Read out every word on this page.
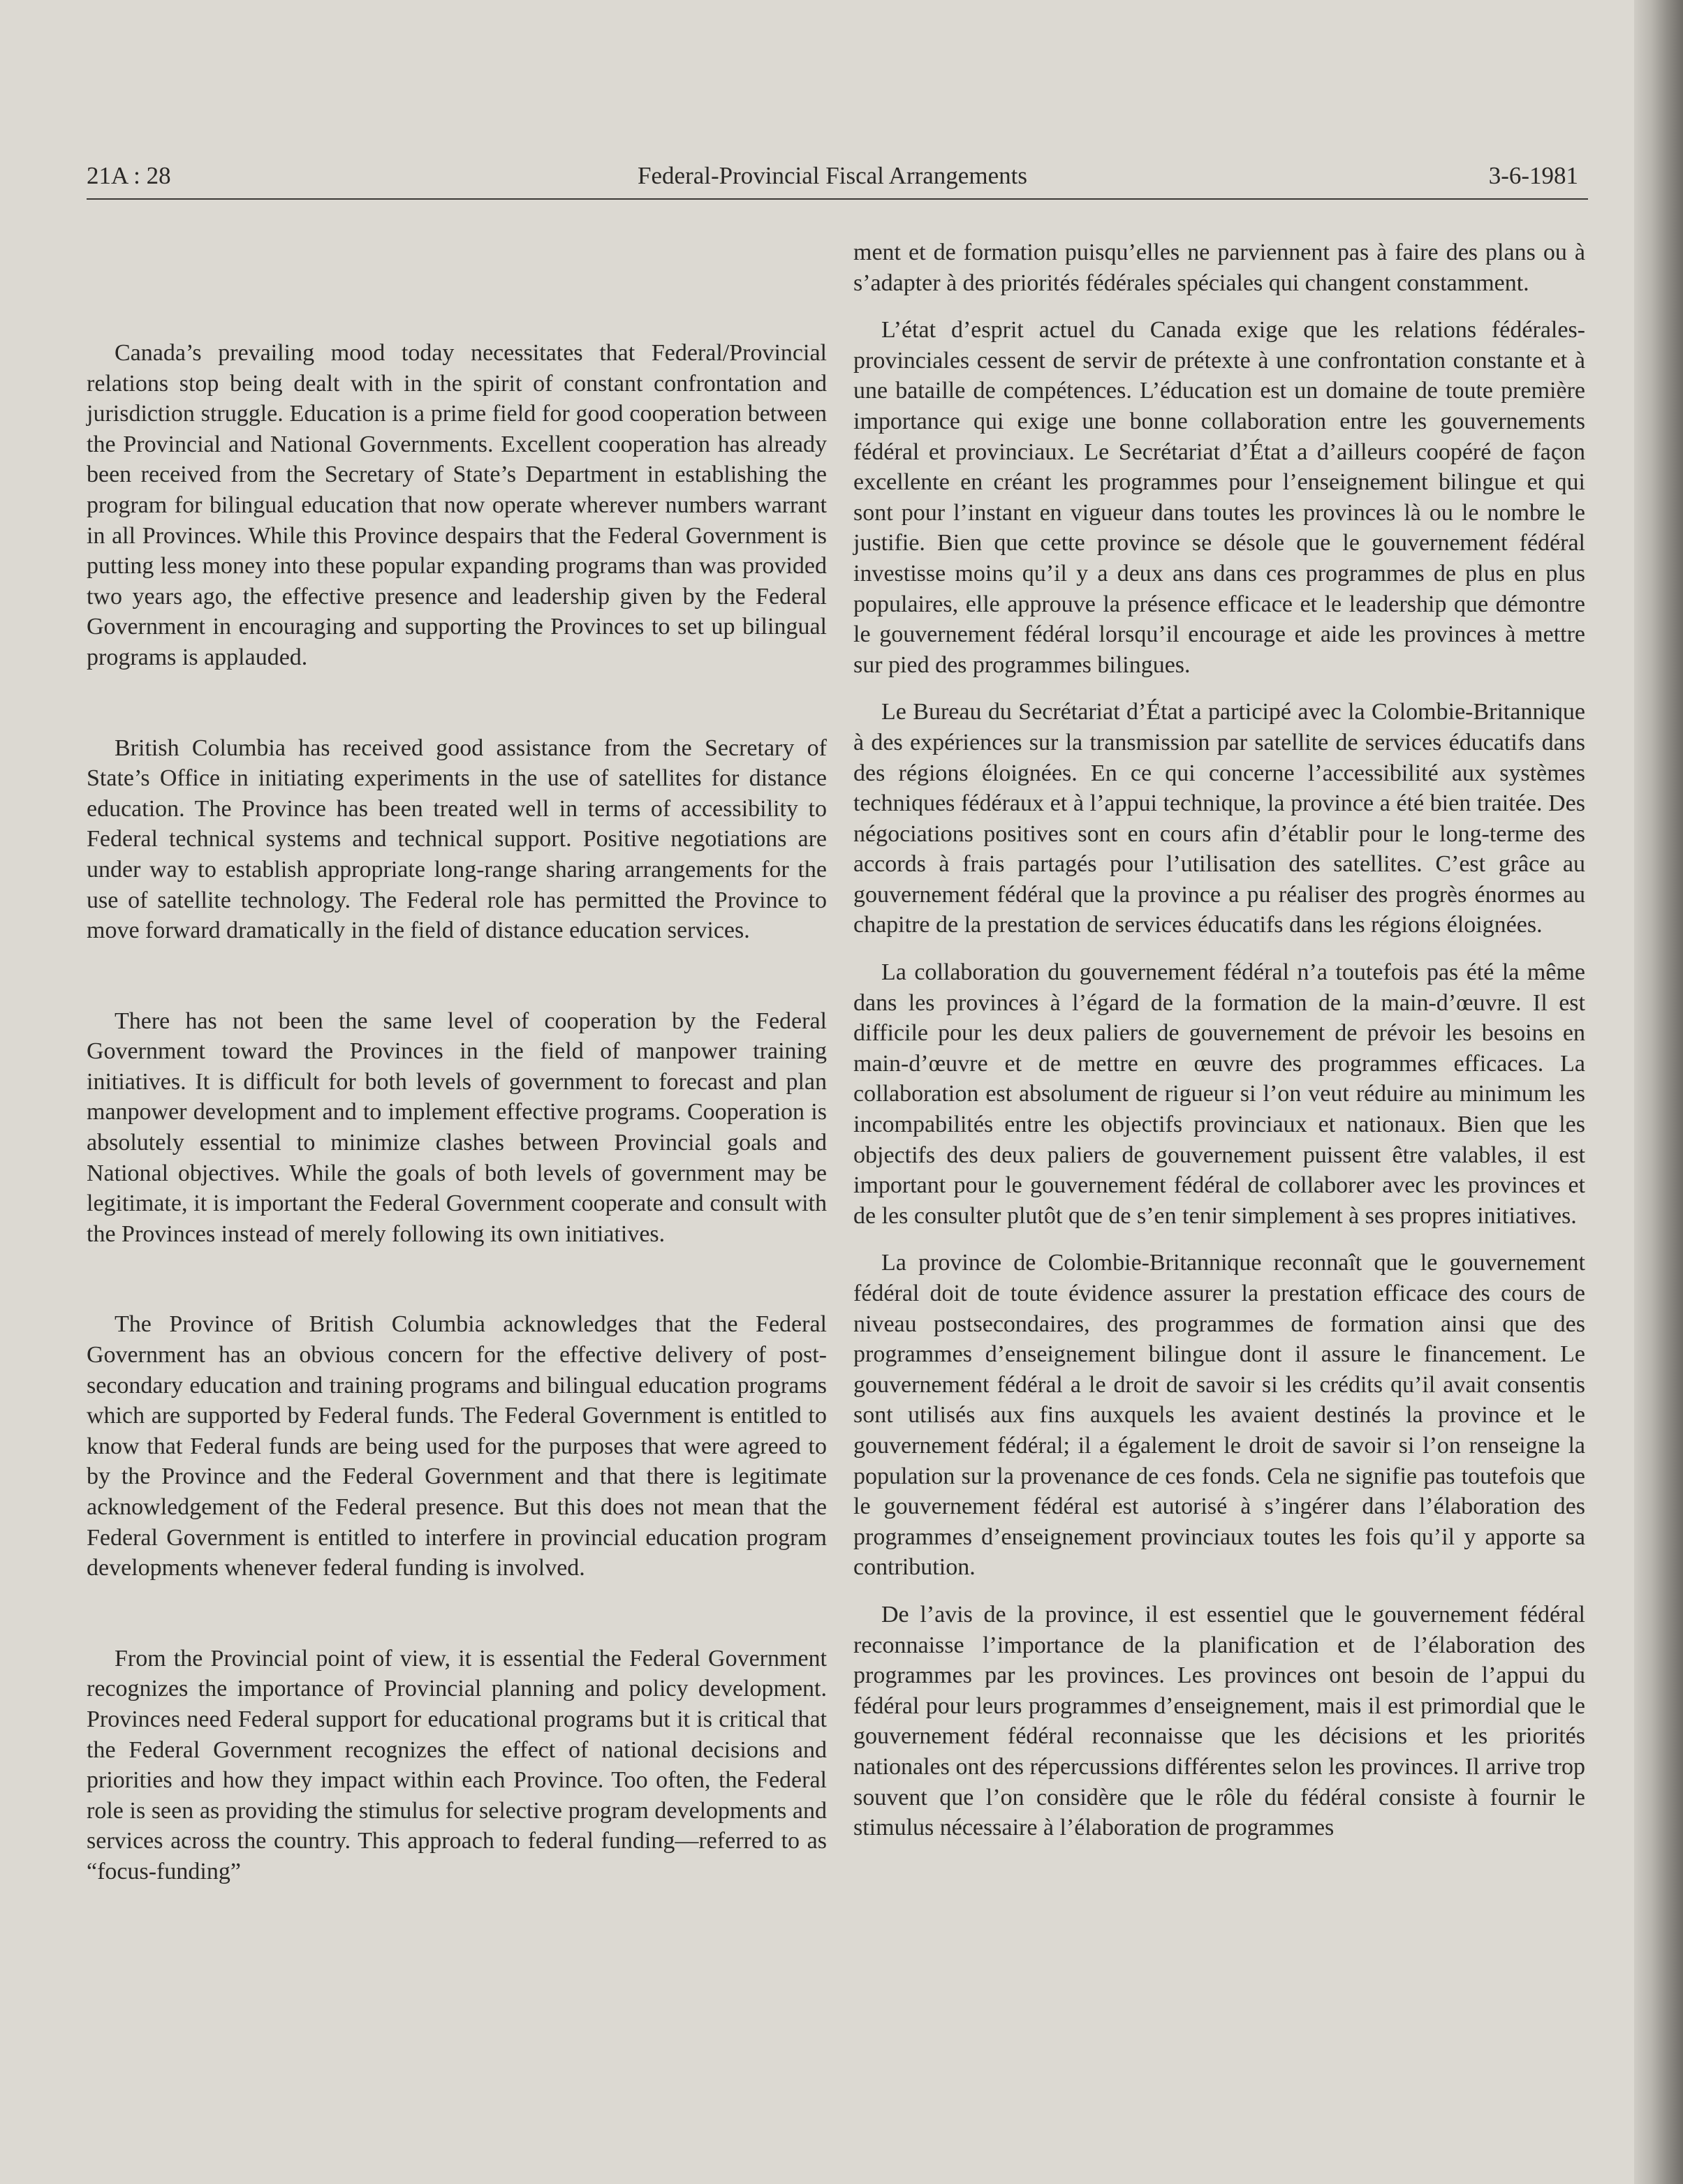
21A : 28	Federal-Provincial Fiscal Arrangements	3-6-1981

Canada’s prevailing mood today necessitates that Federal/Provincial relations stop being dealt with in the spirit of constant confrontation and jurisdiction struggle. Education is a prime field for good cooperation between the Provincial and National Governments. Excellent cooperation has already been received from the Secretary of State’s Department in establishing the program for bilingual education that now operate wherever numbers warrant in all Provinces. While this Province despairs that the Federal Government is putting less money into these popular expanding programs than was provided two years ago, the effective presence and leadership given by the Federal Government in encouraging and supporting the Provinces to set up bilingual programs is applauded.

British Columbia has received good assistance from the Secretary of State’s Office in initiating experiments in the use of satellites for distance education. The Province has been treated well in terms of accessibility to Federal technical systems and technical support. Positive negotiations are under way to establish appropriate long-range sharing arrangements for the use of satellite technology. The Federal role has permitted the Province to move forward dramatically in the field of distance education services.

There has not been the same level of cooperation by the Federal Government toward the Provinces in the field of manpower training initiatives. It is difficult for both levels of government to forecast and plan manpower development and to implement effective programs. Cooperation is absolutely essential to minimize clashes between Provincial goals and National objectives. While the goals of both levels of government may be legitimate, it is important the Federal Government cooperate and consult with the Provinces instead of merely following its own initiatives.

The Province of British Columbia acknowledges that the Federal Government has an obvious concern for the effective delivery of post-secondary education and training programs and bilingual education programs which are supported by Federal funds. The Federal Government is entitled to know that Federal funds are being used for the purposes that were agreed to by the Province and the Federal Government and that there is legitimate acknowledgement of the Federal presence. But this does not mean that the Federal Government is entitled to interfere in provincial education program developments whenever federal funding is involved.

From the Provincial point of view, it is essential the Federal Government recognizes the importance of Provincial planning and policy development. Provinces need Federal support for educational programs but it is critical that the Federal Government recognizes the effect of national decisions and priorities and how they impact within each Province. Too often, the Federal role is seen as providing the stimulus for selective program developments and services across the country. This approach to federal funding—referred to as “focus-funding”

ment et de formation puisqu’elles ne parviennent pas à faire des plans ou à s’adapter à des priorités fédérales spéciales qui changent constamment.

L’état d’esprit actuel du Canada exige que les relations fédérales-provinciales cessent de servir de prétexte à une confrontation constante et à une bataille de compétences. L’éducation est un domaine de toute première importance qui exige une bonne collaboration entre les gouvernements fédéral et provinciaux. Le Secrétariat d’État a d’ailleurs coopéré de façon excellente en créant les programmes pour l’enseignement bilingue et qui sont pour l’instant en vigueur dans toutes les provinces là ou le nombre le justifie. Bien que cette province se désole que le gouvernement fédéral investisse moins qu’il y a deux ans dans ces programmes de plus en plus populaires, elle approuve la présence efficace et le leadership que démontre le gouvernement fédéral lorsqu’il encourage et aide les provinces à mettre sur pied des programmes bilingues.

Le Bureau du Secrétariat d’État a participé avec la Colombie-Britannique à des expériences sur la transmission par satellite de services éducatifs dans des régions éloignées. En ce qui concerne l’accessibilité aux systèmes techniques fédéraux et à l’appui technique, la province a été bien traitée. Des négociations positives sont en cours afin d’établir pour le long-terme des accords à frais partagés pour l’utilisation des satellites. C’est grâce au gouvernement fédéral que la province a pu réaliser des progrès énormes au chapitre de la prestation de services éducatifs dans les régions éloignées.

La collaboration du gouvernement fédéral n’a toutefois pas été la même dans les provinces à l’égard de la formation de la main-d’œuvre. Il est difficile pour les deux paliers de gouvernement de prévoir les besoins en main-d’œuvre et de mettre en œuvre des programmes efficaces. La collaboration est absolument de rigueur si l’on veut réduire au minimum les incompabilités entre les objectifs provinciaux et nationaux. Bien que les objectifs des deux paliers de gouvernement puissent être valables, il est important pour le gouvernement fédéral de collaborer avec les provinces et de les consulter plutôt que de s’en tenir simplement à ses propres initiatives.

La province de Colombie-Britannique reconnaît que le gouvernement fédéral doit de toute évidence assurer la prestation efficace des cours de niveau postsecondaires, des programmes de formation ainsi que des programmes d’enseignement bilingue dont il assure le financement. Le gouvernement fédéral a le droit de savoir si les crédits qu’il avait consentis sont utilisés aux fins auxquels les avaient destinés la province et le gouvernement fédéral; il a également le droit de savoir si l’on renseigne la population sur la provenance de ces fonds. Cela ne signifie pas toutefois que le gouvernement fédéral est autorisé à s’ingérer dans l’élaboration des programmes d’enseignement provinciaux toutes les fois qu’il y apporte sa contribution.

De l’avis de la province, il est essentiel que le gouvernement fédéral reconnaisse l’importance de la planification et de l’élaboration des programmes par les provinces. Les provinces ont besoin de l’appui du fédéral pour leurs programmes d’enseignement, mais il est primordial que le gouvernement fédéral reconnaisse que les décisions et les priorités nationales ont des répercussions différentes selon les provinces. Il arrive trop souvent que l’on considère que le rôle du fédéral consiste à fournir le stimulus nécessaire à l’élaboration de programmes
